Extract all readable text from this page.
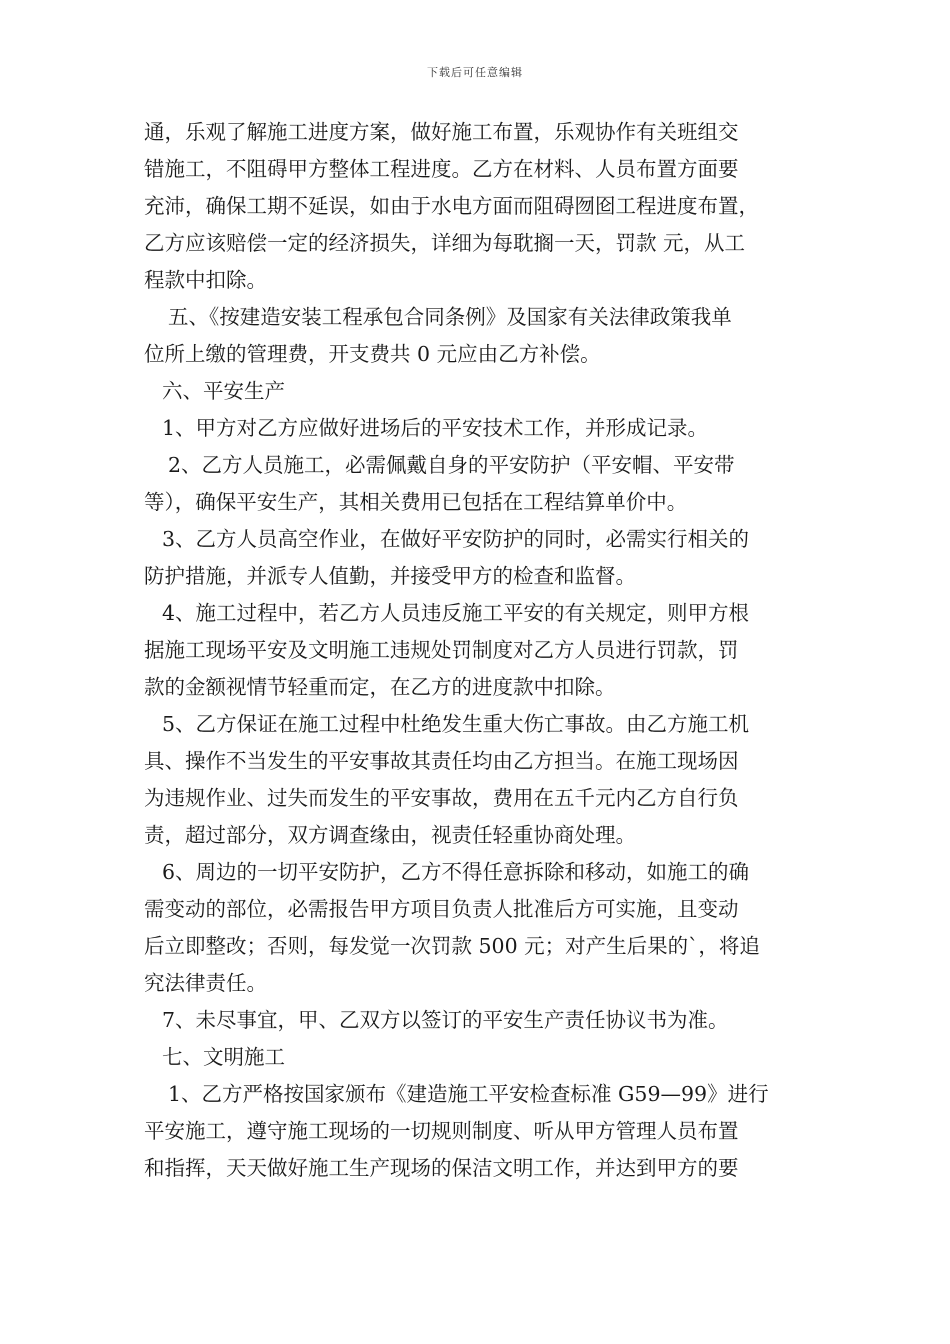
下载后可任意编辑
通，乐观了解施工进度方案，做好施工布置，乐观协作有关班组交
错施工，不阻碍甲方整体工程进度。乙方在材料、人员布置方面要
充沛，确保工期不延误，如由于水电方面而阻碍囫囵工程进度布置，
乙方应该赔偿一定的经济损失，详细为每耽搁一天，罚款 元，从工
程款中扣除。
五、《按建造安装工程承包合同条例》及国家有关法律政策我单
位所上缴的管理费，开支费共 0 元应由乙方补偿。
六、平安生产
1、甲方对乙方应做好进场后的平安技术工作，并形成记录。
2、乙方人员施工，必需佩戴自身的平安防护（平安帽、平安带
等），确保平安生产，其相关费用已包括在工程结算单价中。
3、乙方人员高空作业，在做好平安防护的同时，必需实行相关的
防护措施，并派专人值勤，并接受甲方的检查和监督。
4、施工过程中，若乙方人员违反施工平安的有关规定，则甲方根
据施工现场平安及文明施工违规处罚制度对乙方人员进行罚款，罚
款的金额视情节轻重而定，在乙方的进度款中扣除。
5、乙方保证在施工过程中杜绝发生重大伤亡事故。由乙方施工机
具、操作不当发生的平安事故其责任均由乙方担当。在施工现场因
为违规作业、过失而发生的平安事故，费用在五千元内乙方自行负
责，超过部分，双方调查缘由，视责任轻重协商处理。
6、周边的一切平安防护，乙方不得任意拆除和移动，如施工的确
需变动的部位，必需报告甲方项目负责人批准后方可实施，且变动
后立即整改；否则，每发觉一次罚款 500 元；对产生后果的`，将追
究法律责任。
7、未尽事宜，甲、乙双方以签订的平安生产责任协议书为准。
七、文明施工
1、乙方严格按国家颁布《建造施工平安检查标准 G59—99》进行
平安施工，遵守施工现场的一切规则制度、听从甲方管理人员布置
和指挥，天天做好施工生产现场的保洁文明工作，并达到甲方的要
